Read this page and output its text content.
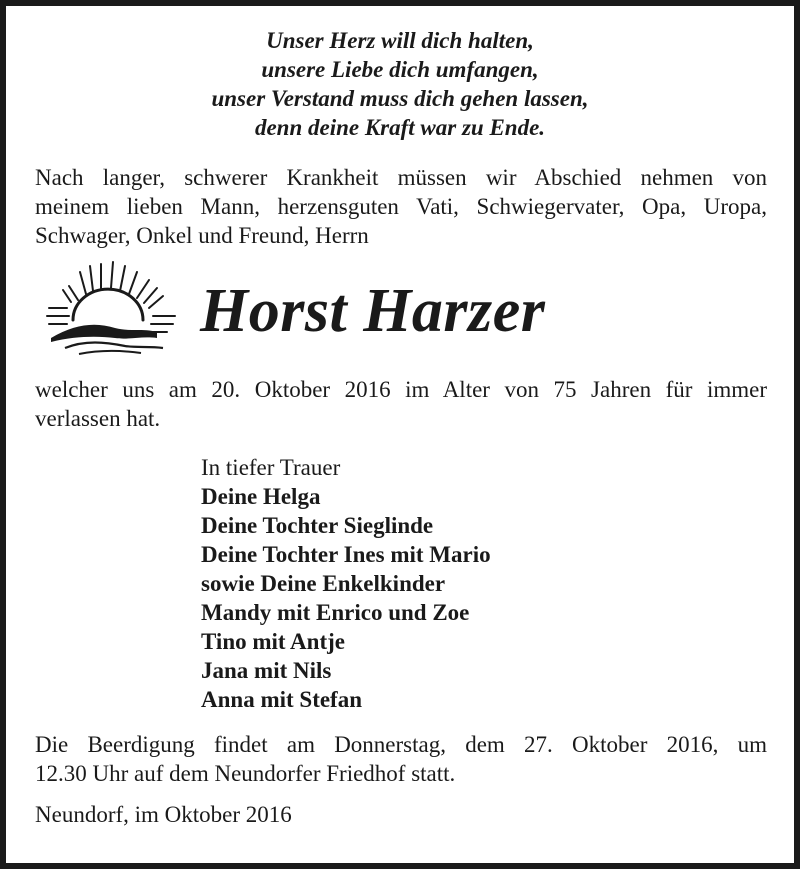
Unser Herz will dich halten,
unsere Liebe dich umfangen,
unser Verstand muss dich gehen lassen,
denn deine Kraft war zu Ende.
Nach langer, schwerer Krankheit müssen wir Abschied nehmen von
meinem lieben Mann, herzensguten Vati, Schwiegervater, Opa, Uropa,
Schwager, Onkel und Freund, Herrn
Horst Harzer
welcher uns am 20. Oktober 2016 im Alter von 75 Jahren für immer
verlassen hat.
In tiefer Trauer
Deine Helga
Deine Tochter Sieglinde
Deine Tochter Ines mit Mario
sowie Deine Enkelkinder
Mandy mit Enrico und Zoe
Tino mit Antje
Jana mit Nils
Anna mit Stefan
Die Beerdigung findet am Donnerstag, dem 27. Oktober 2016, um
12.30 Uhr auf dem Neundorfer Friedhof statt.
Neundorf, im Oktober 2016
